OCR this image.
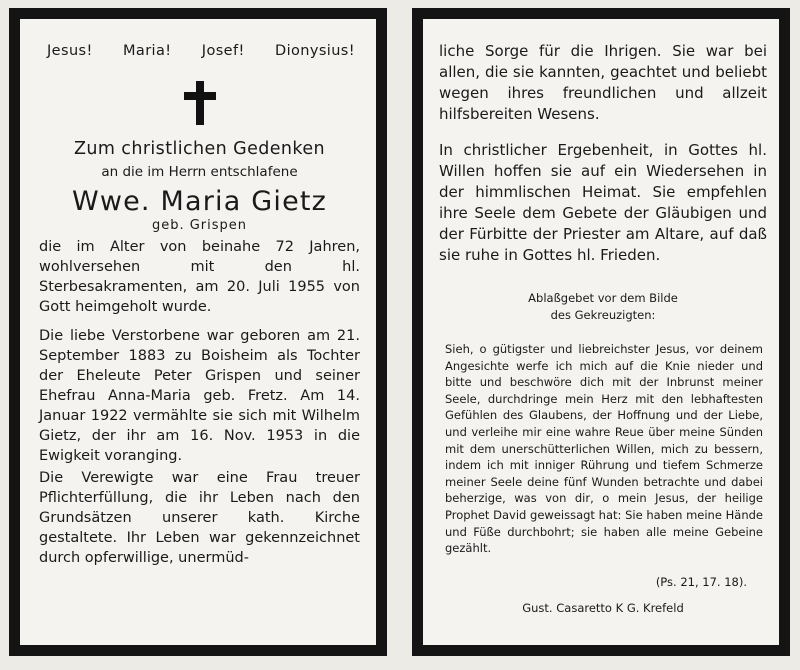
Jesus! Maria! Josef! Dionysius!
Zum christlichen Gedenken
an die im Herrn entschlafene
Wwe. Maria Gietz
geb. Grispen

die im Alter von beinahe 72 Jahren, wohlversehen mit den hl. Sterbesakramenten, am 20. Juli 1955 von Gott heimgeholt wurde.

Die liebe Verstorbene war geboren am 21. September 1883 zu Boisheim als Tochter der Eheleute Peter Grispen und seiner Ehefrau Anna-Maria geb. Fretz. Am 14. Januar 1922 vermählte sie sich mit Wilhelm Gietz, der ihr am 16. Nov. 1953 in die Ewigkeit voranging.

Die Verewigte war eine Frau treuer Pflichterfüllung, die ihr Leben nach den Grundsätzen unserer kath. Kirche gestaltete. Ihr Leben war gekennzeichnet durch opferwillige, unermüd-

liche Sorge für die Ihrigen. Sie war bei allen, die sie kannten, geachtet und beliebt wegen ihres freundlichen und allzeit hilfsbereiten Wesens.

In christlicher Ergebenheit, in Gottes hl. Willen hoffen sie auf ein Wiedersehen in der himmlischen Heimat. Sie empfehlen ihre Seele dem Gebete der Gläubigen und der Fürbitte der Priester am Altare, auf daß sie ruhe in Gottes hl. Frieden.

Ablaßgebet vor dem Bilde
des Gekreuzigten:
Sieh, o gütigster und liebreichster Jesus, vor deinem Angesichte werfe ich mich auf die Knie nieder und bitte und beschwöre dich mit der Inbrunst meiner Seele, durchdringe mein Herz mit den lebhaftesten Gefühlen des Glaubens, der Hoffnung und der Liebe, und verleihe mir eine wahre Reue über meine Sünden mit dem unerschütterlichen Willen, mich zu bessern, indem ich mit inniger Rührung und tiefem Schmerze meiner Seele deine fünf Wunden betrachte und dabei beherzige, was von dir, o mein Jesus, der heilige Prophet David geweissagt hat: Sie haben meine Hände und Füße durchbohrt; sie haben alle meine Gebeine gezählt.
(Ps. 21, 17. 18).
Gust. Casaretto K G. Krefeld
